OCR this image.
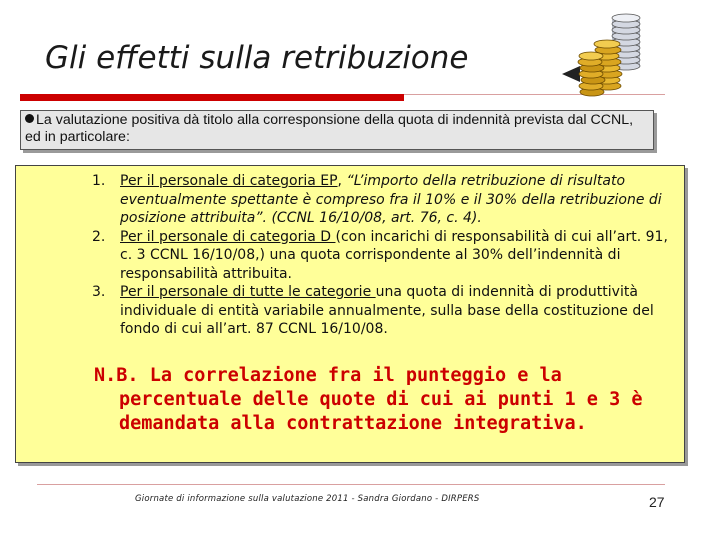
Gli effetti sulla retribuzione
La valutazione positiva dà titolo alla corresponsione della quota di indennità prevista dal CCNL, ed in particolare:
1. Per il personale di categoria EP, “L’importo della retribuzione di risultato eventualmente spettante è compreso fra il 10% e il 30% della retribuzione di posizione attribuita”. (CCNL 16/10/08, art. 76, c. 4).
2. Per il personale di categoria D (con incarichi di responsabilità di cui all’art. 91, c. 3 CCNL 16/10/08,) una quota corrispondente al 30% dell’indennità di responsabilità attribuita.
3. Per il personale di tutte le categorie una quota di indennità di produttività individuale di entità variabile annualmente, sulla base della costituzione del fondo di cui all’art. 87 CCNL 16/10/08.
N.B. La correlazione fra il punteggio e la
percentuale delle quote di cui ai punti 1 e 3 è demandata alla contrattazione integrativa.
Giornate di informazione sulla valutazione 2011 - Sandra Giordano - DIRPERS	27
